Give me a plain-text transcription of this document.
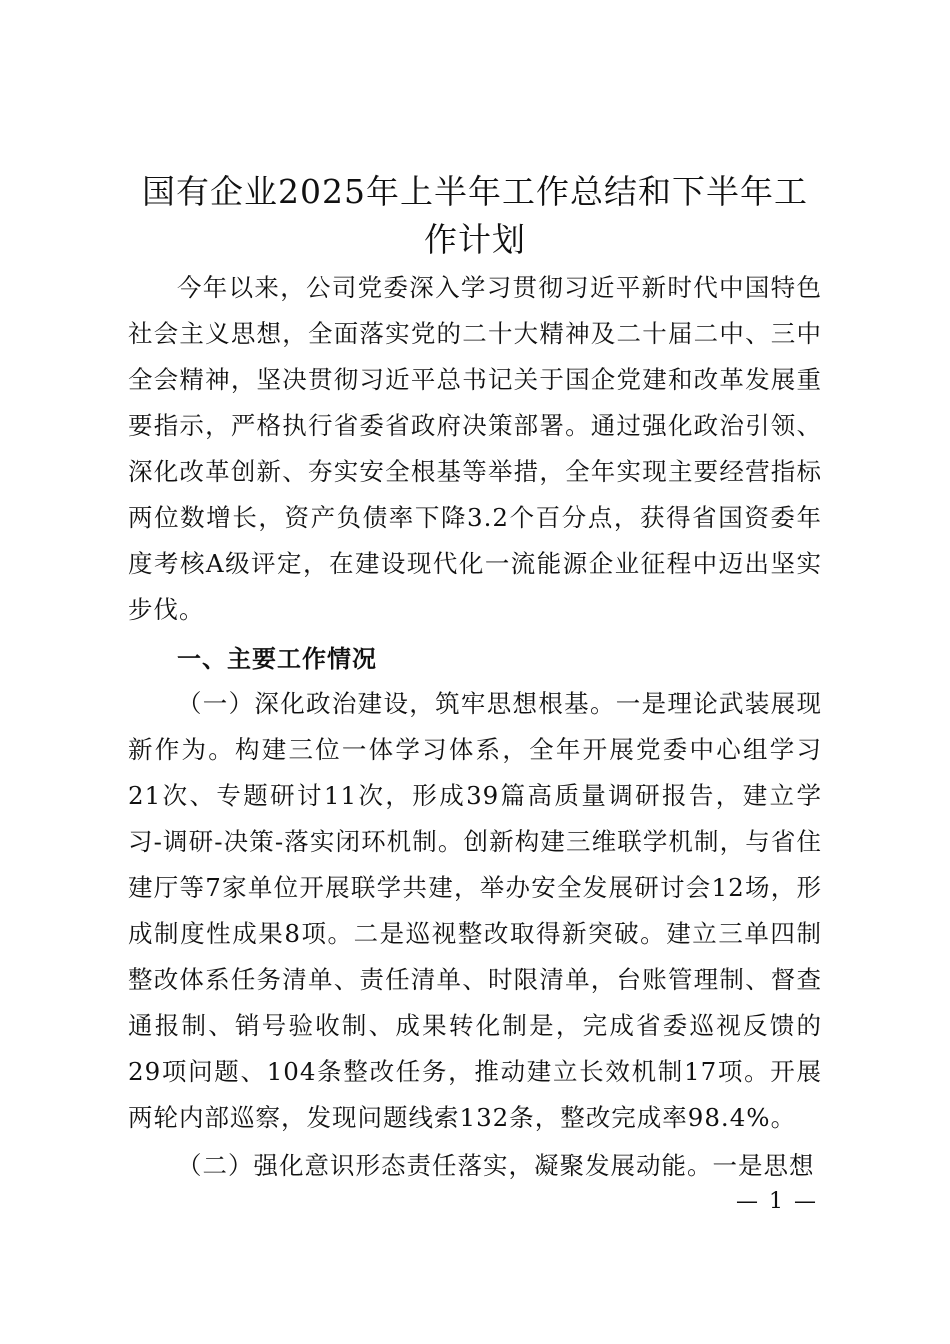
国有企业2025年上半年工作总结和下半年工作计划

今年以来，公司党委深入学习贯彻习近平新时代中国特色社会主义思想，全面落实党的二十大精神及二十届二中、三中全会精神，坚决贯彻习近平总书记关于国企党建和改革发展重要指示，严格执行省委省政府决策部署。通过强化政治引领、深化改革创新、夯实安全根基等举措，全年实现主要经营指标两位数增长，资产负债率下降3.2个百分点，获得省国资委年度考核A级评定，在建设现代化一流能源企业征程中迈出坚实步伐。

一、主要工作情况

（一）深化政治建设，筑牢思想根基。一是理论武装展现新作为。构建三位一体学习体系，全年开展党委中心组学习21次、专题研讨11次，形成39篇高质量调研报告，建立学习-调研-决策-落实闭环机制。创新构建三维联学机制，与省住建厅等7家单位开展联学共建，举办安全发展研讨会12场，形成制度性成果8项。二是巡视整改取得新突破。建立三单四制整改体系任务清单、责任清单、时限清单，台账管理制、督查通报制、销号验收制、成果转化制是，完成省委巡视反馈的29项问题、104条整改任务，推动建立长效机制17项。开展两轮内部巡察，发现问题线索132条，整改完成率98.4%。

（二）强化意识形态责任落实，凝聚发展动能。一是思想

— 1 —
